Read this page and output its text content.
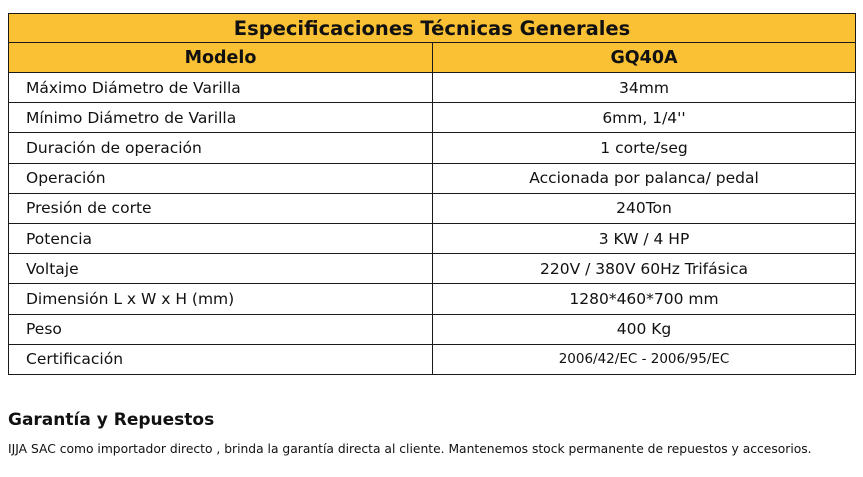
Especificaciones Técnicas Generales	
Modelo	GQ40A
Máximo Diámetro de Varilla	34mm
Mínimo Diámetro de Varilla	6mm, 1/4''
Duración de operación	1 corte/seg
Operación	Accionada por palanca/ pedal
Presión de corte	240Ton
Potencia	3 KW / 4 HP
Voltaje	220V / 380V 60Hz Trifásica
Dimensión L x W x H (mm)	1280*460*700 mm
Peso	400 Kg
Certificación	2006/42/EC - 2006/95/EC
Garantía y Repuestos

IJJA SAC como importador directo , brinda la garantía directa al cliente. Mantenemos stock permanente de repuestos y accesorios.
